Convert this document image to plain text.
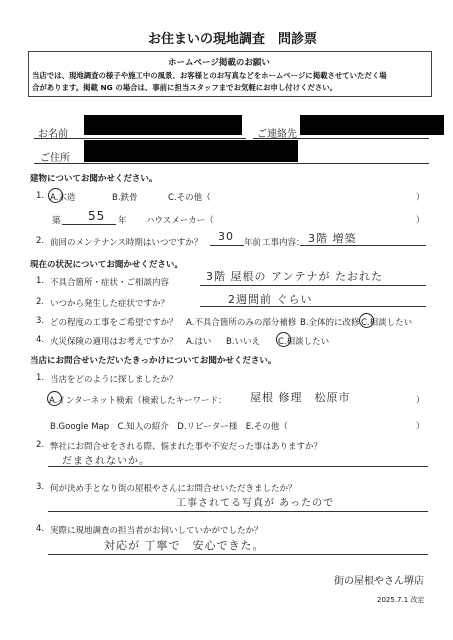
お住まいの現地調査　問診票
ホームページ掲載のお願い
当店では、現地調査の様子や施工中の風景、お客様とのお写真などをホームページに掲載させていただく場
合があります。掲載 NG の場合は、事前に担当スタッフまでお気軽にお申し付けください。
お名前	ご連絡先
ご住所
建物についてお聞かせください。
1. A.木造	B.鉄骨	C.その他（	）
築 55 年 ハウスメーカー（	）
2. 前回のメンテナンス時期はいつですか？ 30 年前 工事内容： 3階 増築
現在の状況についてお聞かせください。
1. 不具合箇所・症状・ご相談内容	3階 屋根の アンテナが たおれた
2. いつから発生した症状ですか？	2週間前 ぐらい
3. どの程度の工事をご希望ですか？ A.不具合箇所のみの部分補修 B.全体的に改修 C.相談したい
4. 火災保険の適用はお考えですか？ A.はい B.いいえ C.相談したい
当店にお問合せいただいたきっかけについてお聞かせください。
1. 当店をどのように探しましたか？
A.インターネット検索（検索したキーワード： 屋根 修理　松原市	）
B.Google Map　C.知人の紹介　D.リピーター様　E.その他（	）
2. 弊社にお問合せをされる際、悩まれた事や不安だった事はありますか？
だまされないか。
3. 何が決め手となり街の屋根やさんにお問合せいただきましたか？
工事されてる写真が あったので
4. 実際に現地調査の担当者がお伺いしていかがでしたか？
対応が 丁寧で　安心できた。
街の屋根やさん堺店
2025.7.1 改定
